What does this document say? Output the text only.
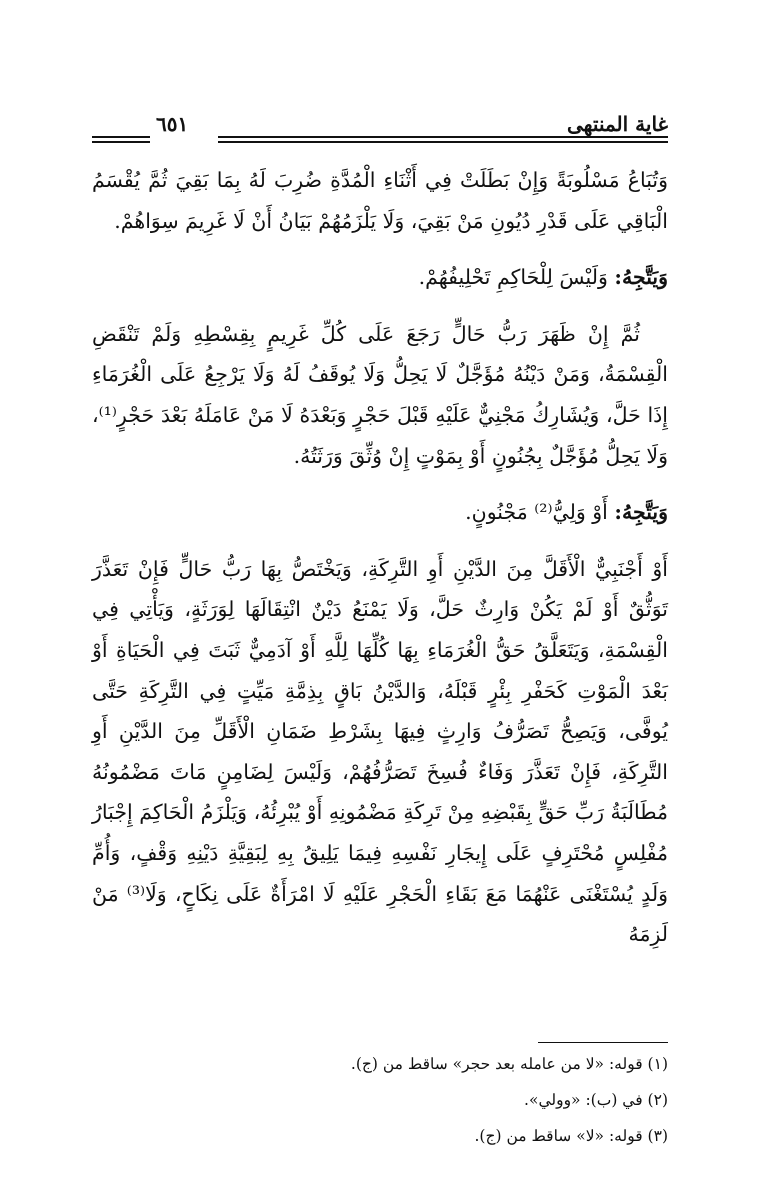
غاية المنتهى
٦٥١

وَتُبَاعُ مَسْلُوبَةً وَإِنْ بَطَلَتْ فِي أَثْنَاءِ الْمُدَّةِ ضُرِبَ لَهُ بِمَا بَقِيَ ثُمَّ يُقْسَمُ الْبَاقِي عَلَى قَدْرِ دُيُونِ مَنْ بَقِيَ، وَلَا يَلْزَمُهُمْ بَيَانُ أَنْ لَا غَرِيمَ سِوَاهُمْ.

وَيَتَّجِهُ: وَلَيْسَ لِلْحَاكِمِ تَحْلِيفُهُمْ.

ثُمَّ إِنْ ظَهَرَ رَبُّ حَالٍّ رَجَعَ عَلَى كُلِّ غَرِيمٍ بِقِسْطِهِ وَلَمْ تَنْقَضِ الْقِسْمَةُ، وَمَنْ دَيْنُهُ مُؤَجَّلٌ لَا يَحِلُّ وَلَا يُوقَفُ لَهُ وَلَا يَرْجِعُ عَلَى الْغُرَمَاءِ إِذَا حَلَّ، وَيُشَارِكُ مَجْنِيٌّ عَلَيْهِ قَبْلَ حَجْرٍ وَبَعْدَهُ لَا مَنْ عَامَلَهُ بَعْدَ حَجْرٍ⁽¹⁾، وَلَا يَحِلُّ مُؤَجَّلٌ بِجُنُونٍ أَوْ بِمَوْتٍ إِنْ وُثِّقَ وَرَثَتُهُ.

وَيَتَّجِهُ: أَوْ وَلِيُّ⁽²⁾ مَجْنُونٍ.

أَوْ أَجْنَبِيٌّ الْأَقَلَّ مِنَ الدَّيْنِ أَوِ التَّرِكَةِ، وَيَخْتَصُّ بِهَا رَبُّ حَالٍّ فَإِنْ تَعَذَّرَ تَوَثُّقٌ أَوْ لَمْ يَكُنْ وَارِثٌ حَلَّ، وَلَا يَمْنَعُ دَيْنٌ انْتِقَالَهَا لِوَرَثَةٍ، وَيَأْتِي فِي الْقِسْمَةِ، وَيَتَعَلَّقُ حَقُّ الْغُرَمَاءِ بِهَا كُلِّهَا لِلَّهِ أَوْ آدَمِيٌّ ثَبَتَ فِي الْحَيَاةِ أَوْ بَعْدَ الْمَوْتِ كَحَفْرِ بِئْرٍ قَبْلَهُ، وَالدَّيْنُ بَاقٍ بِذِمَّةِ مَيِّتٍ فِي التَّرِكَةِ حَتَّى يُوفَّى، وَيَصِحُّ تَصَرُّفُ وَارِثٍ فِيهَا بِشَرْطِ ضَمَانِ الْأَقَلِّ مِنَ الدَّيْنِ أَوِ التَّرِكَةِ، فَإِنْ تَعَذَّرَ وَفَاءٌ فُسِخَ تَصَرُّفُهُمْ، وَلَيْسَ لِضَامِنٍ مَاتَ مَضْمُونُهُ مُطَالَبَةُ رَبِّ حَقٍّ بِقَبْضِهِ مِنْ تَرِكَةِ مَضْمُونِهِ أَوْ يُبْرِئُهُ، وَيَلْزَمُ الْحَاكِمَ إِجْبَارُ مُفْلِسٍ مُحْتَرِفٍ عَلَى إِيجَارِ نَفْسِهِ فِيمَا يَلِيقُ بِهِ لِبَقِيَّةِ دَيْنِهِ وَقْفٍ، وَأُمِّ وَلَدٍ يُسْتَغْنَى عَنْهُمَا مَعَ بَقَاءِ الْحَجْرِ عَلَيْهِ لَا امْرَأَةٌ عَلَى نِكَاحٍ، وَلَا⁽³⁾ مَنْ لَزِمَهُ

(١) قوله: «لا من عامله بعد حجر» ساقط من (ج).
(٢) في (ب): «وولي».
(٣) قوله: «لا» ساقط من (ج).
